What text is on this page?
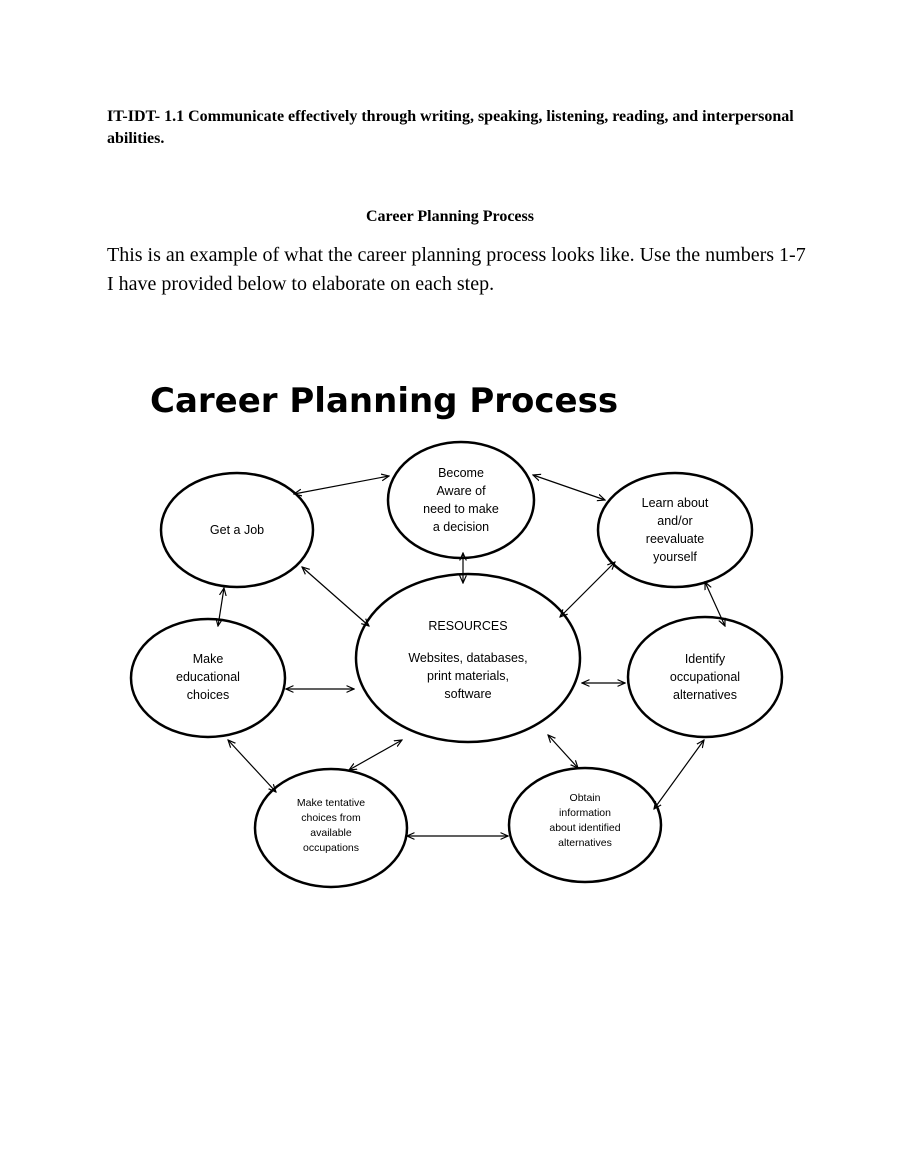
IT-IDT- 1.1 Communicate effectively through writing, speaking, listening, reading, and interpersonal abilities.
Career Planning Process
This is an example of what the career planning process looks like. Use the numbers 1-7 I have provided below to elaborate on each step.
Career Planning Process
Become
Aware of
need to make
a decision
Learn about
and/or
reevaluate
yourself
Identify
occupational
alternatives
Obtain
information
about identified
alternatives
Make tentative
choices from
available
occupations
Make
educational
choices
Get a Job
RESOURCES
Websites, databases,
print materials,
software
